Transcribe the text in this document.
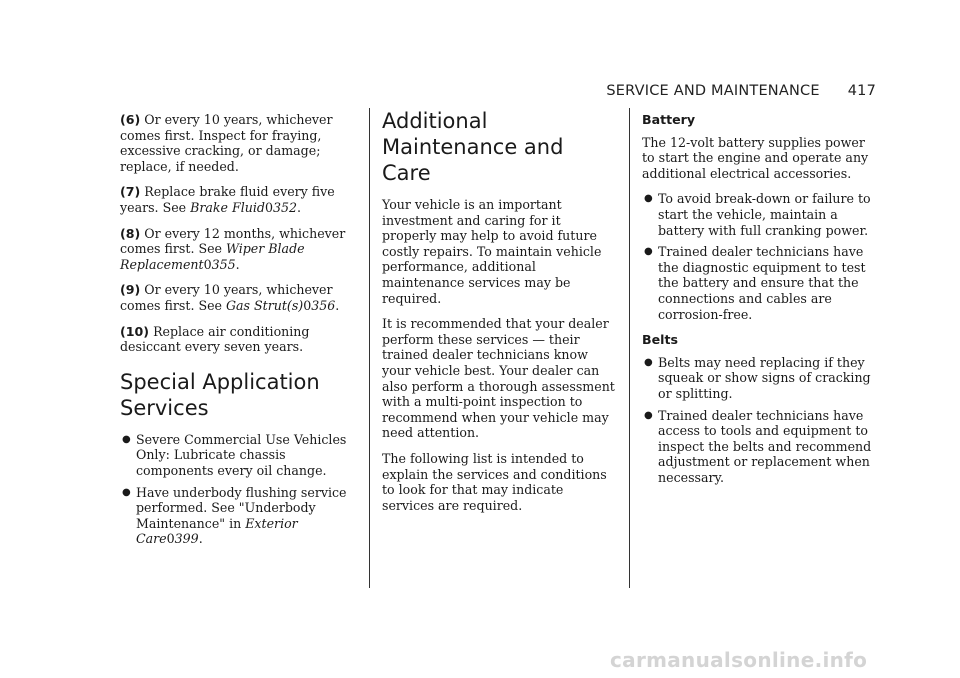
SERVICE AND MAINTENANCE 417

(6) Or every 10 years, whichever comes first. Inspect for fraying, excessive cracking, or damage; replace, if needed.

(7) Replace brake fluid every five years. See Brake Fluid0352.

(8) Or every 12 months, whichever comes first. See Wiper Blade Replacement0355.

(9) Or every 10 years, whichever comes first. See Gas Strut(s)0356.

(10) Replace air conditioning desiccant every seven years.

Special Application Services
● Severe Commercial Use Vehicles Only: Lubricate chassis components every oil change.
● Have underbody flushing service performed. See "Underbody Maintenance" in Exterior Care0399.
Additional Maintenance and Care

Your vehicle is an important investment and caring for it properly may help to avoid future costly repairs. To maintain vehicle performance, additional maintenance services may be required.

It is recommended that your dealer perform these services — their trained dealer technicians know your vehicle best. Your dealer can also perform a thorough assessment with a multi-point inspection to recommend when your vehicle may need attention.

The following list is intended to explain the services and conditions to look for that may indicate services are required.

Battery

The 12-volt battery supplies power to start the engine and operate any additional electrical accessories.

● To avoid break-down or failure to start the vehicle, maintain a battery with full cranking power.
● Trained dealer technicians have the diagnostic equipment to test the battery and ensure that the connections and cables are corrosion-free.
Belts
● Belts may need replacing if they squeak or show signs of cracking or splitting.
● Trained dealer technicians have access to tools and equipment to inspect the belts and recommend adjustment or replacement when necessary.
carmanualsonline.info
